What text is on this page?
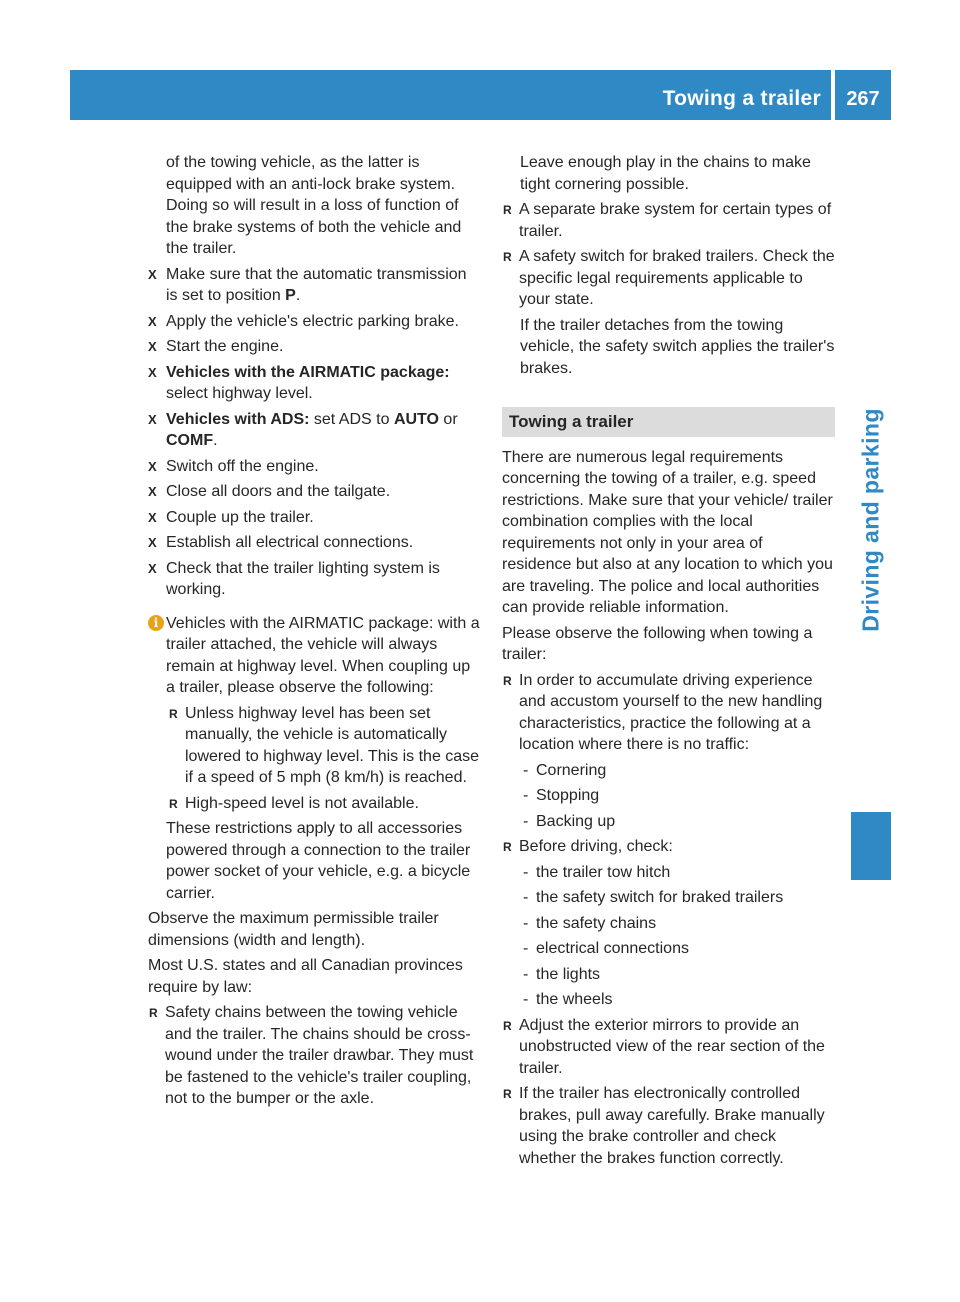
Towing a trailer	267
Driving and parking

of the towing vehicle, as the latter is
equipped with an anti-lock brake system.
Doing so will result in a loss of function of
the brake systems of both the vehicle and
the trailer.

X Make sure that the automatic transmission is set to position P.
X Apply the vehicle's electric parking brake.
X Start the engine.
X Vehicles with the AIRMATIC package: select highway level.
X Vehicles with ADS: set ADS to AUTO or COMF.
X Switch off the engine.
X Close all doors and the tailgate.
X Couple up the trailer.
X Establish all electrical connections.
X Check that the trailer lighting system is working.
i Vehicles with the AIRMATIC package: with a trailer attached, the vehicle will always remain at highway level. When coupling up a trailer, please observe the following:

R Unless highway level has been set manually, the vehicle is automatically lowered to highway level. This is the case if a speed of 5 mph (8 km/h) is reached.
R High-speed level is not available.

These restrictions apply to all accessories powered through a connection to the trailer power socket of your vehicle, e.g. a bicycle carrier.

Observe the maximum permissible trailer dimensions (width and length).

Most U.S. states and all Canadian provinces require by law:

R Safety chains between the towing vehicle and the trailer. The chains should be cross-wound under the trailer drawbar. They must be fastened to the vehicle's trailer coupling, not to the bumper or the axle.

Leave enough play in the chains to make tight cornering possible.

R A separate brake system for certain types of trailer.
R A safety switch for braked trailers. Check the specific legal requirements applicable to your state.

If the trailer detaches from the towing vehicle, the safety switch applies the trailer's brakes.

Towing a trailer

There are numerous legal requirements concerning the towing of a trailer, e.g. speed restrictions. Make sure that your vehicle/ trailer combination complies with the local requirements not only in your area of residence but also at any location to which you are traveling. The police and local authorities can provide reliable information.

Please observe the following when towing a trailer:

R In order to accumulate driving experience and accustom yourself to the new handling characteristics, practice the following at a location where there is no traffic:
- Cornering
- Stopping
- Backing up
R Before driving, check:
- the trailer tow hitch
- the safety switch for braked trailers
- the safety chains
- electrical connections
- the lights
- the wheels
R Adjust the exterior mirrors to provide an unobstructed view of the rear section of the trailer.
R If the trailer has electronically controlled brakes, pull away carefully. Brake manually using the brake controller and check whether the brakes function correctly.
